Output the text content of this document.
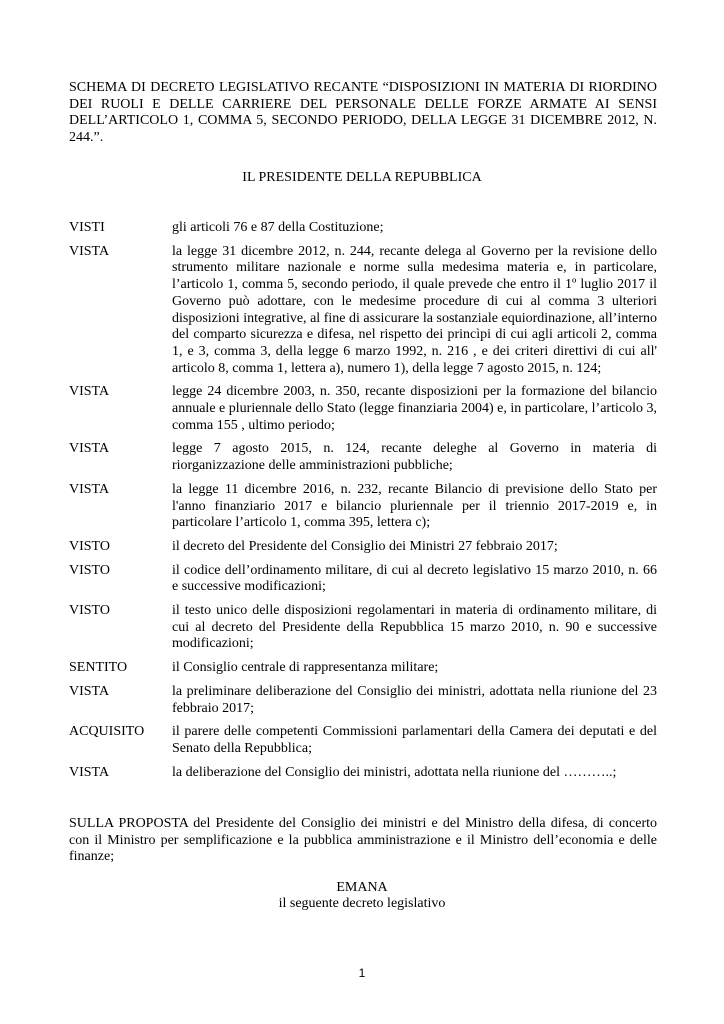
SCHEMA DI DECRETO LEGISLATIVO RECANTE “DISPOSIZIONI IN MATERIA DI RIORDINO DEI RUOLI E DELLE CARRIERE DEL PERSONALE DELLE FORZE ARMATE AI SENSI DELL’ARTICOLO 1, COMMA 5, SECONDO PERIODO, DELLA LEGGE 31 DICEMBRE 2012, N. 244.”.
IL PRESIDENTE DELLA REPUBBLICA
VISTI	gli articoli 76 e 87 della Costituzione;
VISTA	la legge 31 dicembre 2012, n. 244, recante delega al Governo per la revisione dello strumento militare nazionale e norme sulla medesima materia e, in particolare, l’articolo 1, comma 5, secondo periodo, il quale prevede che entro il 1º luglio 2017 il Governo può adottare, con le medesime procedure di cui al comma 3 ulteriori disposizioni integrative, al fine di assicurare la sostanziale equiordinazione, all’interno del comparto sicurezza e difesa, nel rispetto dei princìpi di cui agli articoli 2, comma 1, e 3, comma 3, della legge 6 marzo 1992, n. 216 , e dei criteri direttivi di cui all' articolo 8, comma 1, lettera a), numero 1), della legge 7 agosto 2015, n. 124;
VISTA	legge 24 dicembre 2003, n. 350, recante disposizioni per la formazione del bilancio annuale e pluriennale dello Stato (legge finanziaria 2004) e, in particolare, l’articolo 3, comma 155 , ultimo periodo;
VISTA	legge 7 agosto 2015, n. 124, recante deleghe al Governo in materia di riorganizzazione delle amministrazioni pubbliche;
VISTA	la legge 11 dicembre 2016, n. 232, recante Bilancio di previsione dello Stato per l'anno finanziario 2017 e bilancio pluriennale per il triennio 2017-2019 e, in particolare l’articolo 1, comma 395, lettera c);
VISTO	il decreto del Presidente del Consiglio dei Ministri 27 febbraio 2017;
VISTO	il codice dell’ordinamento militare, di cui al decreto legislativo 15 marzo 2010, n. 66 e successive modificazioni;
VISTO	il testo unico delle disposizioni regolamentari in materia di ordinamento militare, di cui al decreto del Presidente della Repubblica 15 marzo 2010, n. 90 e successive modificazioni;
SENTITO	il Consiglio centrale di rappresentanza militare;
VISTA	la preliminare deliberazione del Consiglio dei ministri, adottata nella riunione del 23 febbraio 2017;
ACQUISITO il parere delle competenti Commissioni parlamentari della Camera dei deputati e del Senato della Repubblica;
VISTA	la deliberazione del Consiglio dei ministri, adottata nella riunione del ………..;
SULLA PROPOSTA del Presidente del Consiglio dei ministri e del Ministro della difesa, di concerto con il Ministro per semplificazione e la pubblica amministrazione e il Ministro dell’economia e delle finanze;
EMANA
il seguente decreto legislativo
1
